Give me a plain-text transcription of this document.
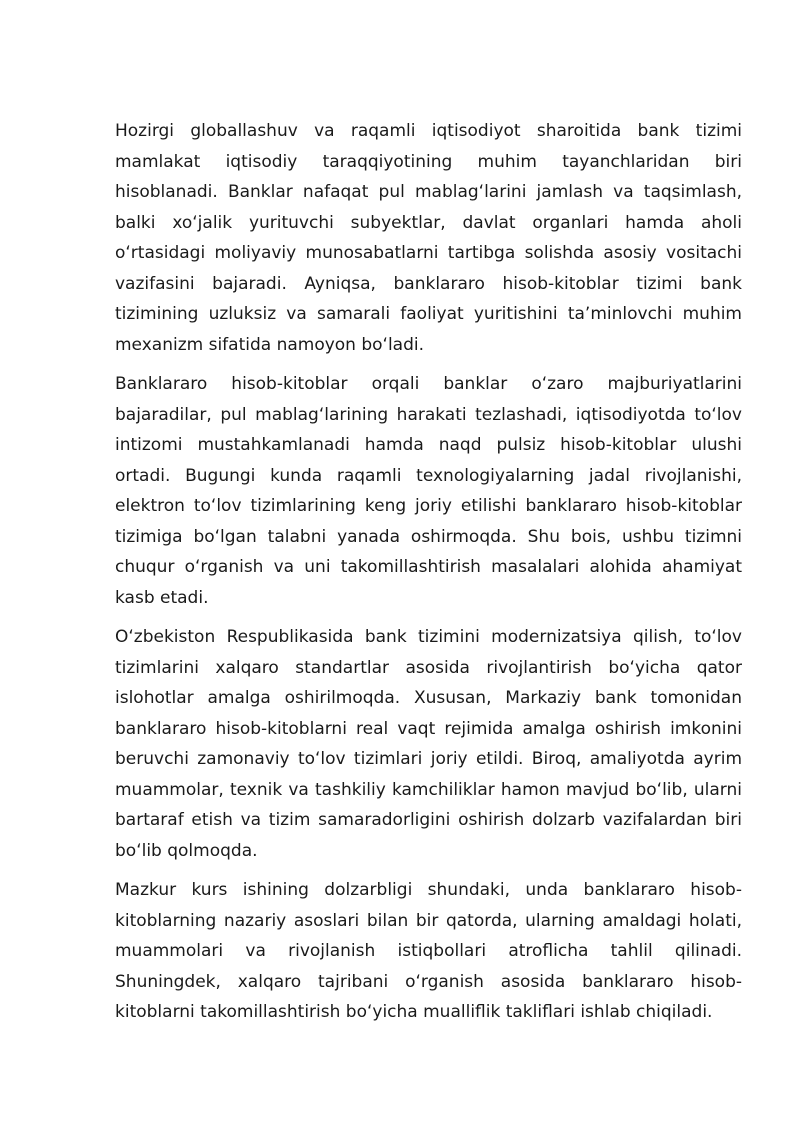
Hozirgi globallashuv va raqamli iqtisodiyot sharoitida bank tizimi mamlakat iqtisodiy taraqqiyotining muhim tayanchlaridan biri hisoblanadi. Banklar nafaqat pul mablagʻlarini jamlash va taqsimlash, balki xoʻjalik yurituvchi subyektlar, davlat organlari hamda aholi oʻrtasidagi moliyaviy munosabatlarni tartibga solishda asosiy vositachi vazifasini bajaradi. Ayniqsa, banklararo hisob-kitoblar tizimi bank tizimining uzluksiz va samarali faoliyat yuritishini taʼminlovchi muhim mexanizm sifatida namoyon boʻladi.

Banklararo hisob-kitoblar orqali banklar oʻzaro majburiyatlarini bajaradilar, pul mablagʻlarining harakati tezlashadi, iqtisodiyotda toʻlov intizomi mustahkamlanadi hamda naqd pulsiz hisob-kitoblar ulushi ortadi. Bugungi kunda raqamli texnologiyalarning jadal rivojlanishi, elektron toʻlov tizimlarining keng joriy etilishi banklararo hisob-kitoblar tizimiga boʻlgan talabni yanada oshirmoqda. Shu bois, ushbu tizimni chuqur oʻrganish va uni takomillashtirish masalalari alohida ahamiyat kasb etadi.

Oʻzbekiston Respublikasida bank tizimini modernizatsiya qilish, toʻlov tizimlarini xalqaro standartlar asosida rivojlantirish boʻyicha qator islohotlar amalga oshirilmoqda. Xususan, Markaziy bank tomonidan banklararo hisob-kitoblarni real vaqt rejimida amalga oshirish imkonini beruvchi zamonaviy toʻlov tizimlari joriy etildi. Biroq, amaliyotda ayrim muammolar, texnik va tashkiliy kamchiliklar hamon mavjud boʻlib, ularni bartaraf etish va tizim samaradorligini oshirish dolzarb vazifalardan biri boʻlib qolmoqda.

Mazkur kurs ishining dolzarbligi shundaki, unda banklararo hisob-kitoblarning nazariy asoslari bilan bir qatorda, ularning amaldagi holati, muammolari va rivojlanish istiqbollari atroflicha tahlil qilinadi. Shuningdek, xalqaro tajribani oʻrganish asosida banklararo hisob-kitoblarni takomillashtirish boʻyicha mualliflik takliflari ishlab chiqiladi.
